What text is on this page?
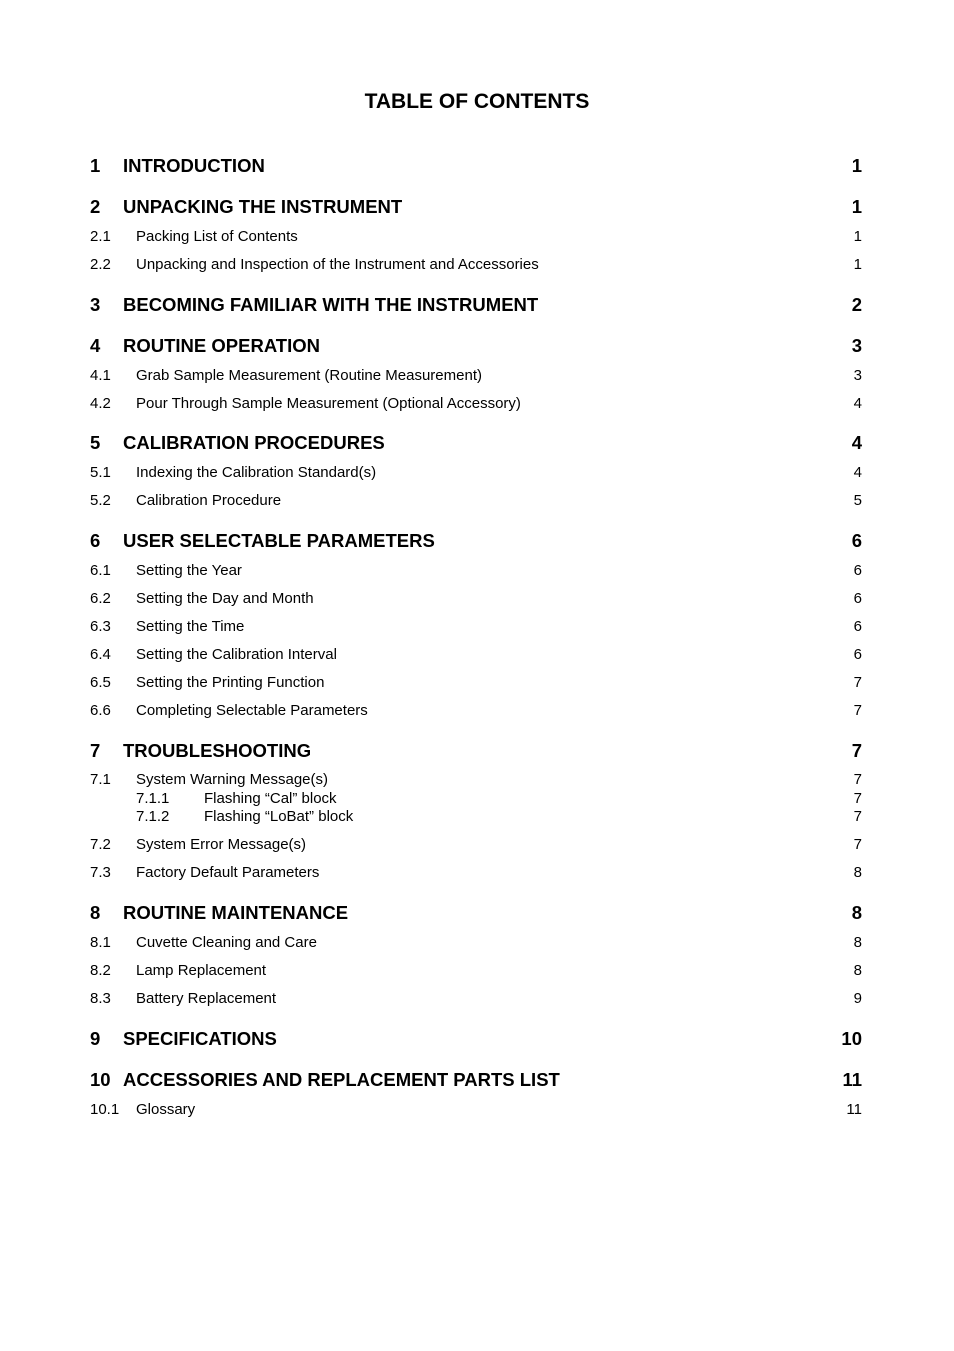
TABLE OF CONTENTS
1 INTRODUCTION	1
2 UNPACKING THE INSTRUMENT	1
2.1 Packing List of Contents	1
2.2 Unpacking and Inspection of the Instrument and Accessories	1
3 BECOMING FAMILIAR WITH THE INSTRUMENT	2
4 ROUTINE OPERATION	3
4.1 Grab Sample Measurement (Routine Measurement)	3
4.2 Pour Through Sample Measurement (Optional Accessory)	4
5 CALIBRATION PROCEDURES	4
5.1 Indexing the Calibration Standard(s)	4
5.2 Calibration Procedure	5
6 USER SELECTABLE PARAMETERS	6
6.1 Setting the Year	6
6.2 Setting the Day and Month	6
6.3 Setting the Time	6
6.4 Setting the Calibration Interval	6
6.5 Setting the Printing Function	7
6.6 Completing Selectable Parameters	7
7 TROUBLESHOOTING	7
7.1 System Warning Message(s)	7
7.1.1 Flashing “Cal” block	7
7.1.2 Flashing “LoBat” block	7
7.2 System Error Message(s)	7
7.3 Factory Default Parameters	8
8 ROUTINE MAINTENANCE	8
8.1 Cuvette Cleaning and Care	8
8.2 Lamp Replacement	8
8.3 Battery Replacement	9
9 SPECIFICATIONS	10
10 ACCESSORIES AND REPLACEMENT PARTS LIST	11
10.1 Glossary	11
